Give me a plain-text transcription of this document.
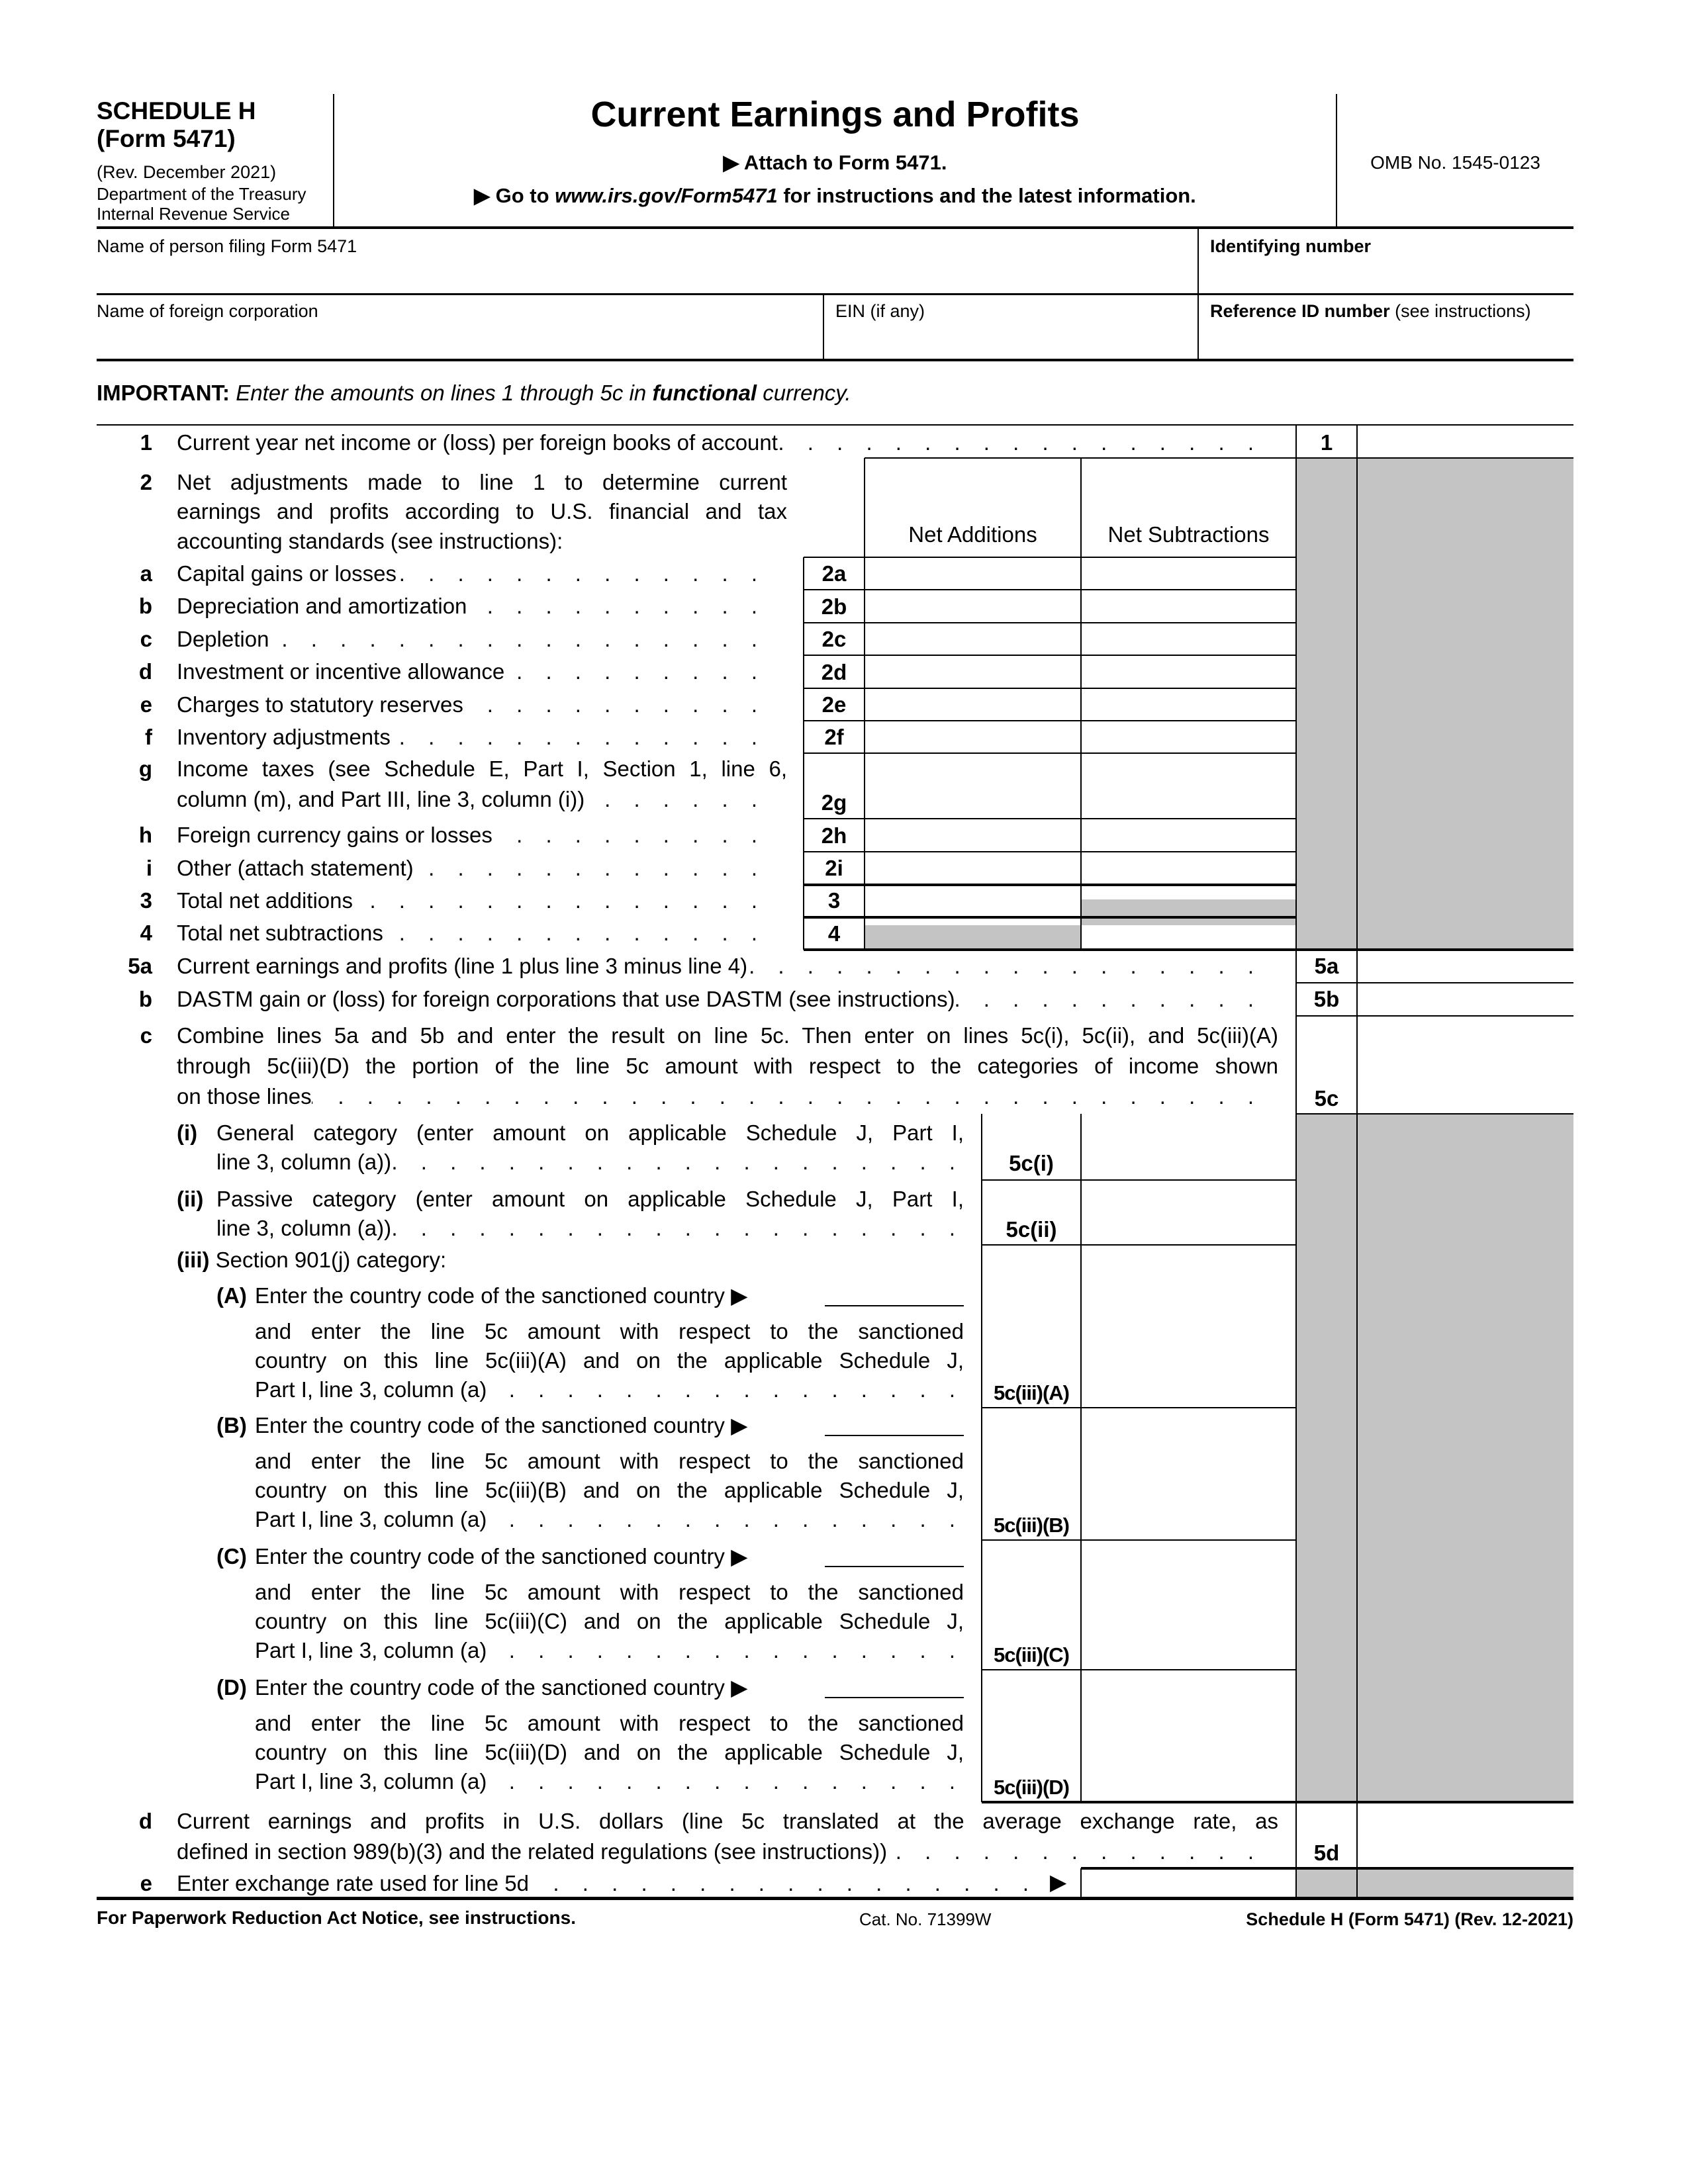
SCHEDULE H
(Form 5471)
(Rev. December 2021)
Department of the Treasury
Internal Revenue Service
Current Earnings and Profits
▶ Attach to Form 5471.
▶ Go to www.irs.gov/Form5471 for instructions and the latest information.
OMB No. 1545-0123
Name of person filing Form 5471	Identifying number
Name of foreign corporation	EIN (if any)	Reference ID number (see instructions)
IMPORTANT: Enter the amounts on lines 1 through 5c in functional currency.
1 Current year net income or (loss) per foreign books of account . . .	1
2 Net adjustments made to line 1 to determine current
earnings and profits according to U.S. financial and tax
accounting standards (see instructions):	Net Additions	Net Subtractions
a Capital gains or losses . . .	2a
b Depreciation and amortization . . .	2b
c Depletion . . .	2c
d Investment or incentive allowance . . .	2d
e Charges to statutory reserves . . .	2e
f Inventory adjustments . . .	2f
g Income taxes (see Schedule E, Part I, Section 1, line 6,
column (m), and Part III, line 3, column (i)) . . .	2g
h Foreign currency gains or losses . . .	2h
i Other (attach statement) . . .	2i
3 Total net additions . . .	3
4 Total net subtractions . . .	4
5a Current earnings and profits (line 1 plus line 3 minus line 4) . . .	5a
b DASTM gain or (loss) for foreign corporations that use DASTM (see instructions) . . .	5b
c Combine lines 5a and 5b and enter the result on line 5c. Then enter on lines 5c(i), 5c(ii), and 5c(iii)(A)
through 5c(iii)(D) the portion of the line 5c amount with respect to the categories of income shown
on those lines . . .	5c
(i) General category (enter amount on applicable Schedule J, Part I,
line 3, column (a)) . . .	5c(i)
(ii) Passive category (enter amount on applicable Schedule J, Part I,
line 3, column (a)) . . .	5c(ii)
(iii) Section 901(j) category:
(A) Enter the country code of the sanctioned country ▶
and enter the line 5c amount with respect to the sanctioned
country on this line 5c(iii)(A) and on the applicable Schedule J,
Part I, line 3, column (a) . . .	5c(iii)(A)
(B) Enter the country code of the sanctioned country ▶
and enter the line 5c amount with respect to the sanctioned
country on this line 5c(iii)(B) and on the applicable Schedule J,
Part I, line 3, column (a) . . .	5c(iii)(B)
(C) Enter the country code of the sanctioned country ▶
and enter the line 5c amount with respect to the sanctioned
country on this line 5c(iii)(C) and on the applicable Schedule J,
Part I, line 3, column (a) . . .	5c(iii)(C)
(D) Enter the country code of the sanctioned country ▶
and enter the line 5c amount with respect to the sanctioned
country on this line 5c(iii)(D) and on the applicable Schedule J,
Part I, line 3, column (a) . . .	5c(iii)(D)
d Current earnings and profits in U.S. dollars (line 5c translated at the average exchange rate, as
defined in section 989(b)(3) and the related regulations (see instructions)) . . .	5d
e Enter exchange rate used for line 5d . . .	▶
For Paperwork Reduction Act Notice, see instructions.	Cat. No. 71399W	Schedule H (Form 5471) (Rev. 12-2021)
